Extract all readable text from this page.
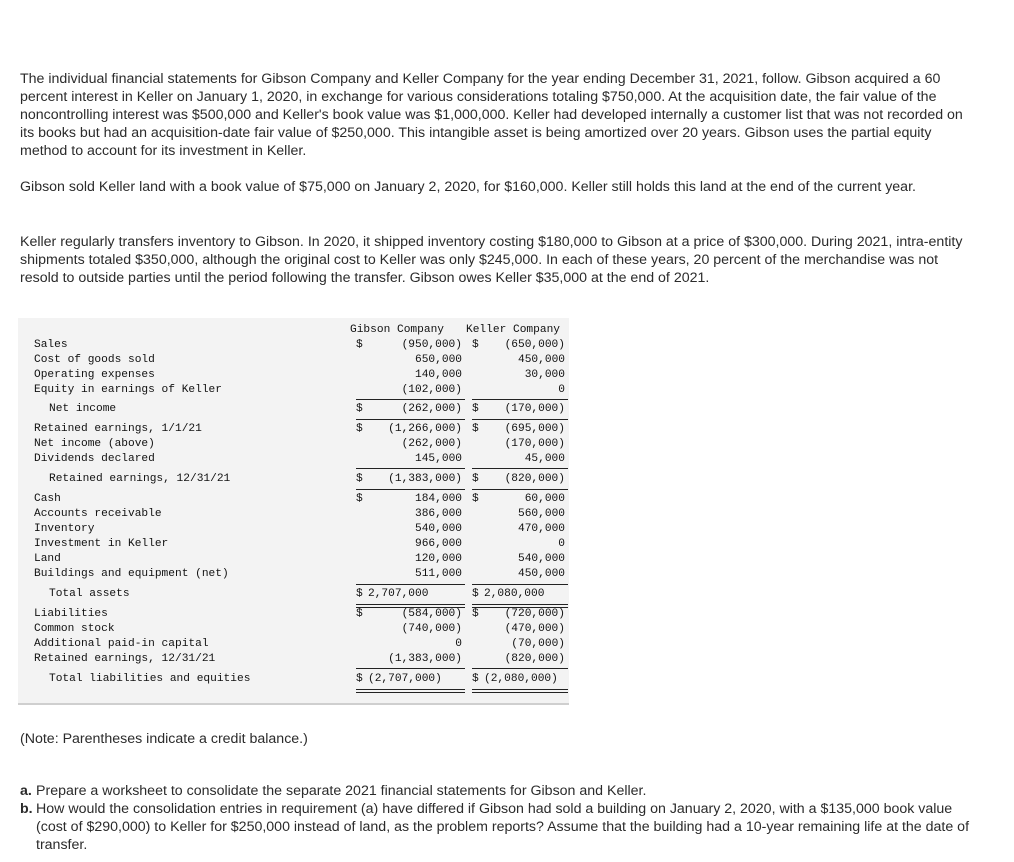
The individual financial statements for Gibson Company and Keller Company for the year ending December 31, 2021, follow. Gibson acquired a 60 percent interest in Keller on January 1, 2020, in exchange for various considerations totaling $750,000. At the acquisition date, the fair value of the noncontrolling interest was $500,000 and Keller's book value was $1,000,000. Keller had developed internally a customer list that was not recorded on its books but had an acquisition-date fair value of $250,000. This intangible asset is being amortized over 20 years. Gibson uses the partial equity method to account for its investment in Keller.
Gibson sold Keller land with a book value of $75,000 on January 2, 2020, for $160,000. Keller still holds this land at the end of the current year.
Keller regularly transfers inventory to Gibson. In 2020, it shipped inventory costing $180,000 to Gibson at a price of $300,000. During 2021, intra-entity shipments totaled $350,000, although the original cost to Keller was only $245,000. In each of these years, 20 percent of the merchandise was not resold to outside parties until the period following the transfer. Gibson owes Keller $35,000 at the end of 2021.
Gibson Company Keller Company
Sales	$	(950,000) $ (650,000)
Cost of goods sold	650,000	450,000
Operating expenses	140,000	30,000
Equity in earnings of Keller	(102,000)	0
Net income	$	(262,000) $ (170,000)
Retained earnings, 1/1/21	$ (1,266,000) $ (695,000)
Net income (above)	(262,000)	(170,000)
Dividends declared	145,000	45,000
Retained earnings, 12/31/21	$ (1,383,000) $ (820,000)
Cash	$	184,000 $	60,000
Accounts receivable	386,000	560,000
Inventory	540,000	470,000
Investment in Keller	966,000	0
Land	120,000	540,000
Buildings and equipment (net)	511,000	450,000
Total assets	$ 2,707,000	$ 2,080,000
Liabilities	$	(584,000) $ (720,000)
Common stock	(740,000)	(470,000)
Additional paid-in capital	0	(70,000)
Retained earnings, 12/31/21	(1,383,000)	(820,000)
Total liabilities and equities	$ (2,707,000)	$ (2,080,000)
(Note: Parentheses indicate a credit balance.)
a. Prepare a worksheet to consolidate the separate 2021 financial statements for Gibson and Keller.
b. How would the consolidation entries in requirement (a) have differed if Gibson had sold a building on January 2, 2020, with a $135,000 book value (cost of $290,000) to Keller for $250,000 instead of land, as the problem reports? Assume that the building had a 10-year remaining life at the date of transfer.
